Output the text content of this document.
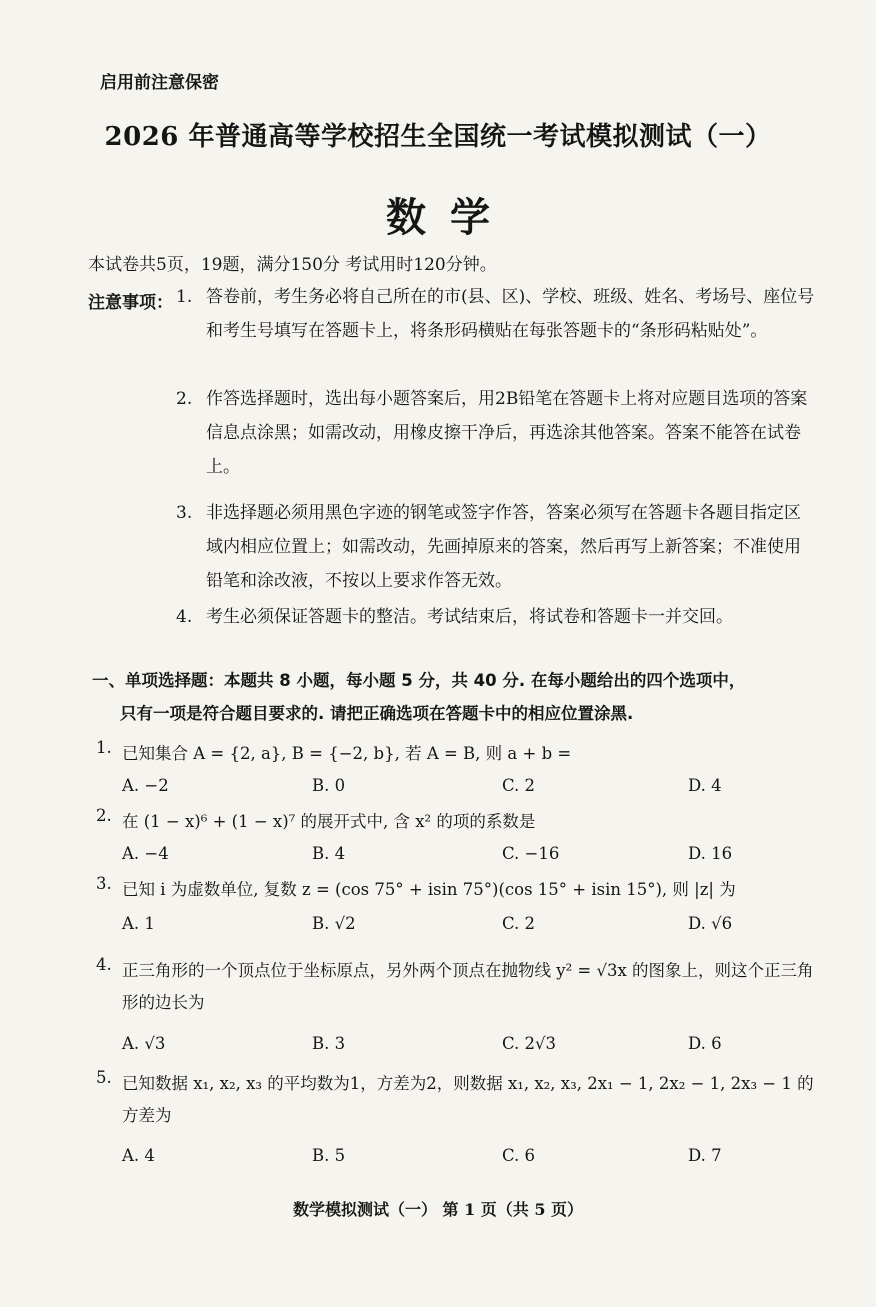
启用前注意保密
2026 年普通高等学校招生全国统一考试模拟测试（一）
数学
本试卷共5页，19题，满分150分 考试用时120分钟。
注意事项： 1. 答卷前，考生务必将自己所在的市(县、区)、学校、班级、姓名、考场号、座位号和考生号填写在答题卡上，将条形码横贴在每张答题卡的“条形码粘贴处”。
2. 作答选择题时，选出每小题答案后，用2B铅笔在答题卡上将对应题目选项的答案信息点涂黑；如需改动，用橡皮擦干净后，再选涂其他答案。答案不能答在试卷上。
3. 非选择题必须用黑色字迹的钢笔或签字作答，答案必须写在答题卡各题目指定区域内相应位置上；如需改动，先画掉原来的答案，然后再写上新答案；不准使用铅笔和涂改液，不按以上要求作答无效。
4. 考生必须保证答题卡的整洁。考试结束后，将试卷和答题卡一并交回。
一、单项选择题：本题共 8 小题，每小题 5 分，共 40 分. 在每小题给出的四个选项中，
只有一项是符合题目要求的. 请把正确选项在答题卡中的相应位置涂黑.
1. 已知集合 A = {2, a}, B = {−2, b}, 若 A = B, 则 a + b =
A. −2	B. 0	C. 2	D. 4
2. 在 (1 − x)⁶ + (1 − x)⁷ 的展开式中, 含 x² 的项的系数是
A. −4	B. 4	C. −16	D. 16
3. 已知 i 为虚数单位, 复数 z = (cos 75° + isin 75°)(cos 15° + isin 15°), 则 |z| 为
A. 1	B. √2	C. 2	D. √6
4. 正三角形的一个顶点位于坐标原点，另外两个顶点在抛物线 y² = √3x 的图象上，则这个正三角形的边长为
A. √3	B. 3	C. 2√3	D. 6
5. 已知数据 x₁, x₂, x₃ 的平均数为1，方差为2，则数据 x₁, x₂, x₃, 2x₁ − 1, 2x₂ − 1, 2x₃ − 1 的方差为
A. 4	B. 5	C. 6	D. 7
数学模拟测试（一） 第 1 页（共 5 页）
